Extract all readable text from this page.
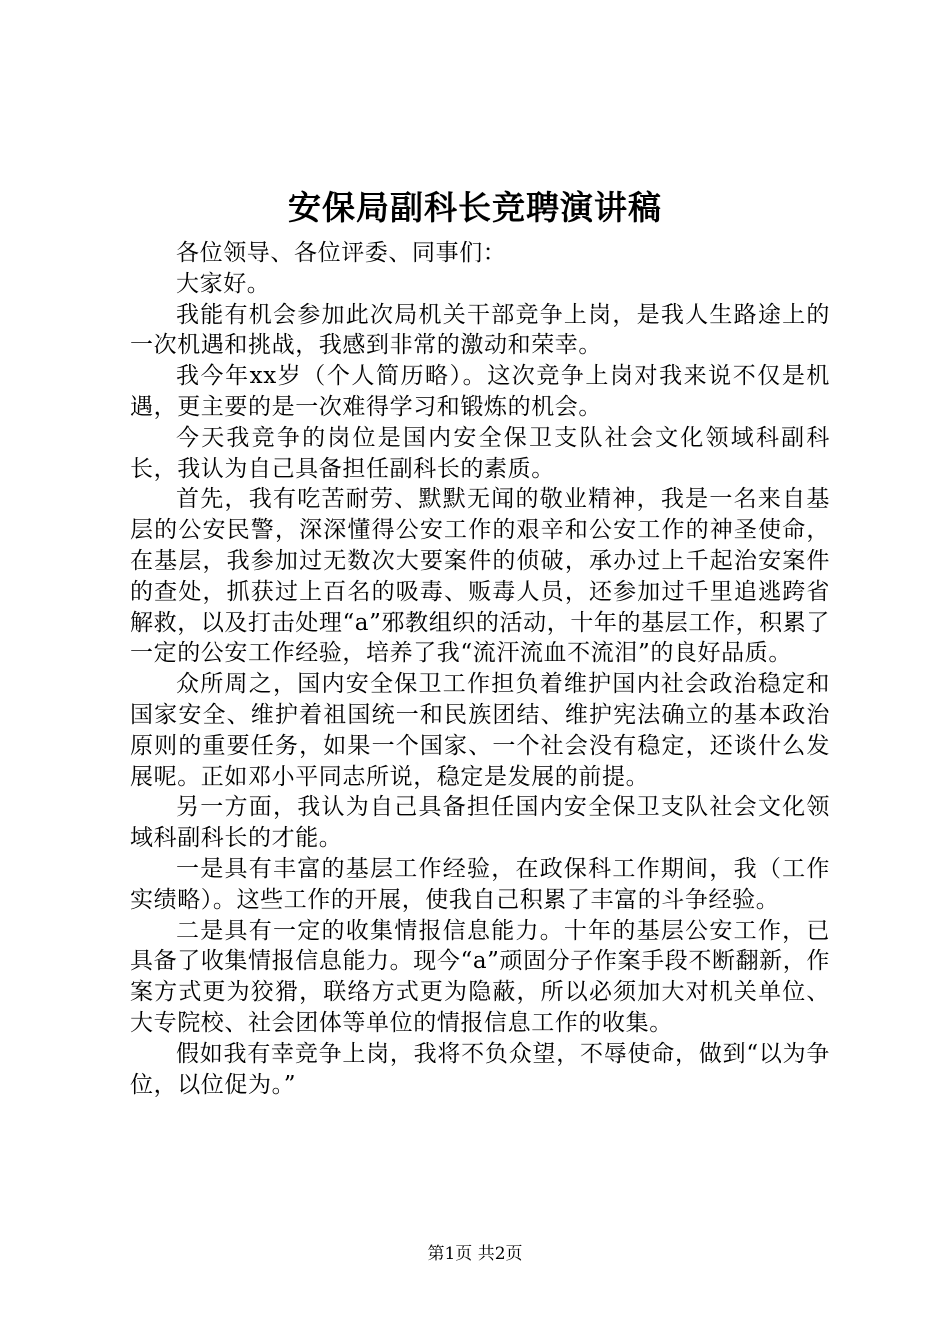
安保局副科长竞聘演讲稿

各位领导、各位评委、同事们：

大家好。

我能有机会参加此次局机关干部竞争上岗，是我人生路途上的一次机遇和挑战，我感到非常的激动和荣幸。

我今年xx岁（个人简历略）。这次竞争上岗对我来说不仅是机遇，更主要的是一次难得学习和锻炼的机会。

今天我竞争的岗位是国内安全保卫支队社会文化领域科副科长，我认为自己具备担任副科长的素质。

首先，我有吃苦耐劳、默默无闻的敬业精神，我是一名来自基层的公安民警，深深懂得公安工作的艰辛和公安工作的神圣使命，在基层，我参加过无数次大要案件的侦破，承办过上千起治安案件的查处，抓获过上百名的吸毒、贩毒人员，还参加过千里追逃跨省解救，以及打击处理“a”邪教组织的活动，十年的基层工作，积累了一定的公安工作经验，培养了我“流汗流血不流泪”的良好品质。

众所周之，国内安全保卫工作担负着维护国内社会政治稳定和国家安全、维护着祖国统一和民族团结、维护宪法确立的基本政治原则的重要任务，如果一个国家、一个社会没有稳定，还谈什么发展呢。正如邓小平同志所说，稳定是发展的前提。

另一方面，我认为自己具备担任国内安全保卫支队社会文化领域科副科长的才能。

一是具有丰富的基层工作经验，在政保科工作期间，我（工作实绩略）。这些工作的开展，使我自己积累了丰富的斗争经验。

二是具有一定的收集情报信息能力。十年的基层公安工作，已具备了收集情报信息能力。现今“a”顽固分子作案手段不断翻新，作案方式更为狡猾，联络方式更为隐蔽，所以必须加大对机关单位、大专院校、社会团体等单位的情报信息工作的收集。

假如我有幸竞争上岗，我将不负众望，不辱使命，做到“以为争位，以位促为。”

第1页 共2页
